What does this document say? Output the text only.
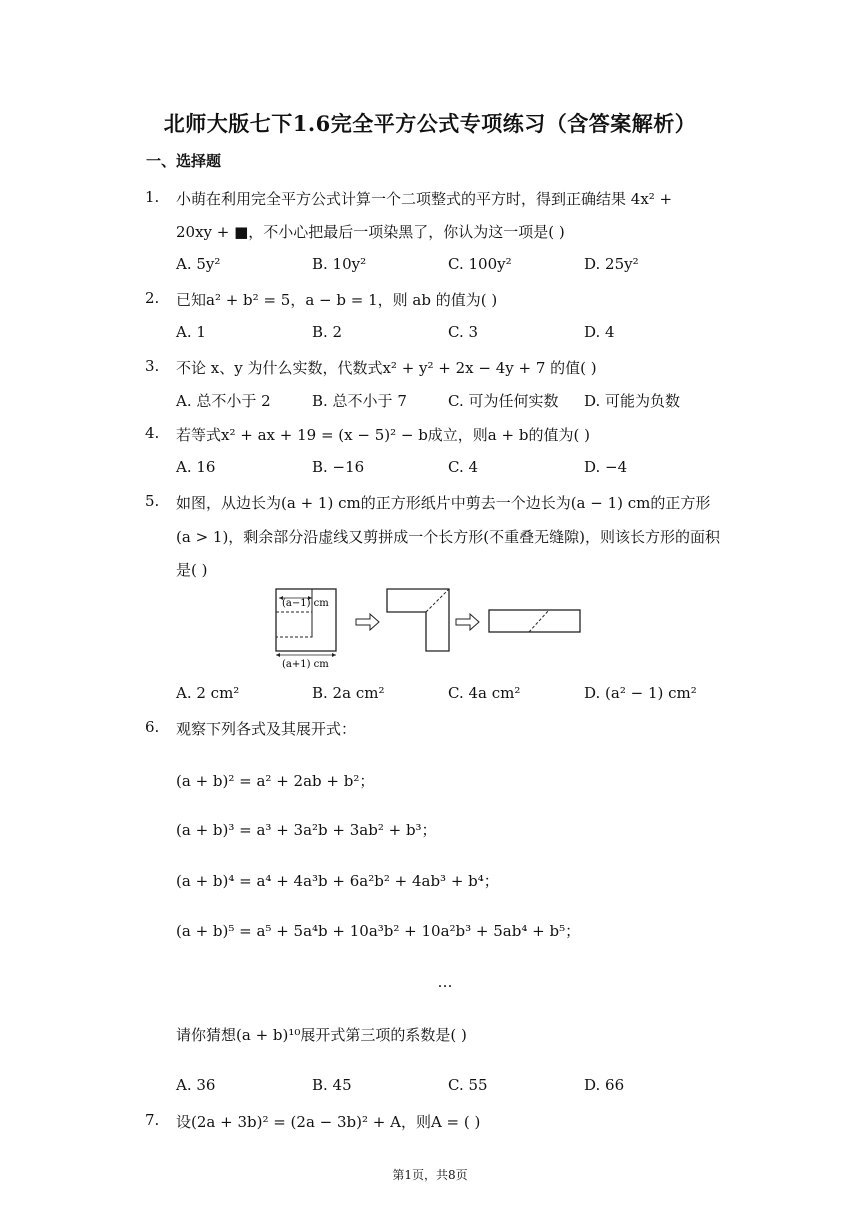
北师大版七下1.6完全平方公式专项练习（含答案解析）
一、选择题
1. 小萌在利用完全平方公式计算一个二项整式的平方时，得到正确结果 4x² +
20xy + ■，不小心把最后一项染黑了，你认为这一项是( )
A. 5y²	B. 10y²	C. 100y²	D. 25y²
2. 已知a² + b² = 5，a − b = 1，则 ab 的值为( )
A. 1	B. 2	C. 3	D. 4
3. 不论 x、y 为什么实数，代数式x² + y² + 2x − 4y + 7 的值( )
A. 总不小于 2	B. 总不小于 7	C. 可为任何实数 D. 可能为负数
4. 若等式x² + ax + 19 = (x − 5)² − b成立，则a + b的值为( )
A. 16	B. −16	C. 4	D. −4
5. 如图，从边长为(a + 1) cm的正方形纸片中剪去一个边长为(a − 1) cm的正方形
(a > 1)，剩余部分沿虚线又剪拼成一个长方形(不重叠无缝隙)，则该长方形的面积
是( )
(a−1) cm
(a+1) cm
A. 2 cm²	B. 2a cm²	C. 4a cm²	D. (a² − 1) cm²
6. 观察下列各式及其展开式：
(a + b)² = a² + 2ab + b²；
(a + b)³ = a³ + 3a²b + 3ab² + b³；
(a + b)⁴ = a⁴ + 4a³b + 6a²b² + 4ab³ + b⁴；
(a + b)⁵ = a⁵ + 5a⁴b + 10a³b² + 10a²b³ + 5ab⁴ + b⁵；
…
请你猜想(a + b)¹⁰展开式第三项的系数是( )
A. 36	B. 45	C. 55	D. 66
7. 设(2a + 3b)² = (2a − 3b)² + A，则A = ( )
第1页，共8页
